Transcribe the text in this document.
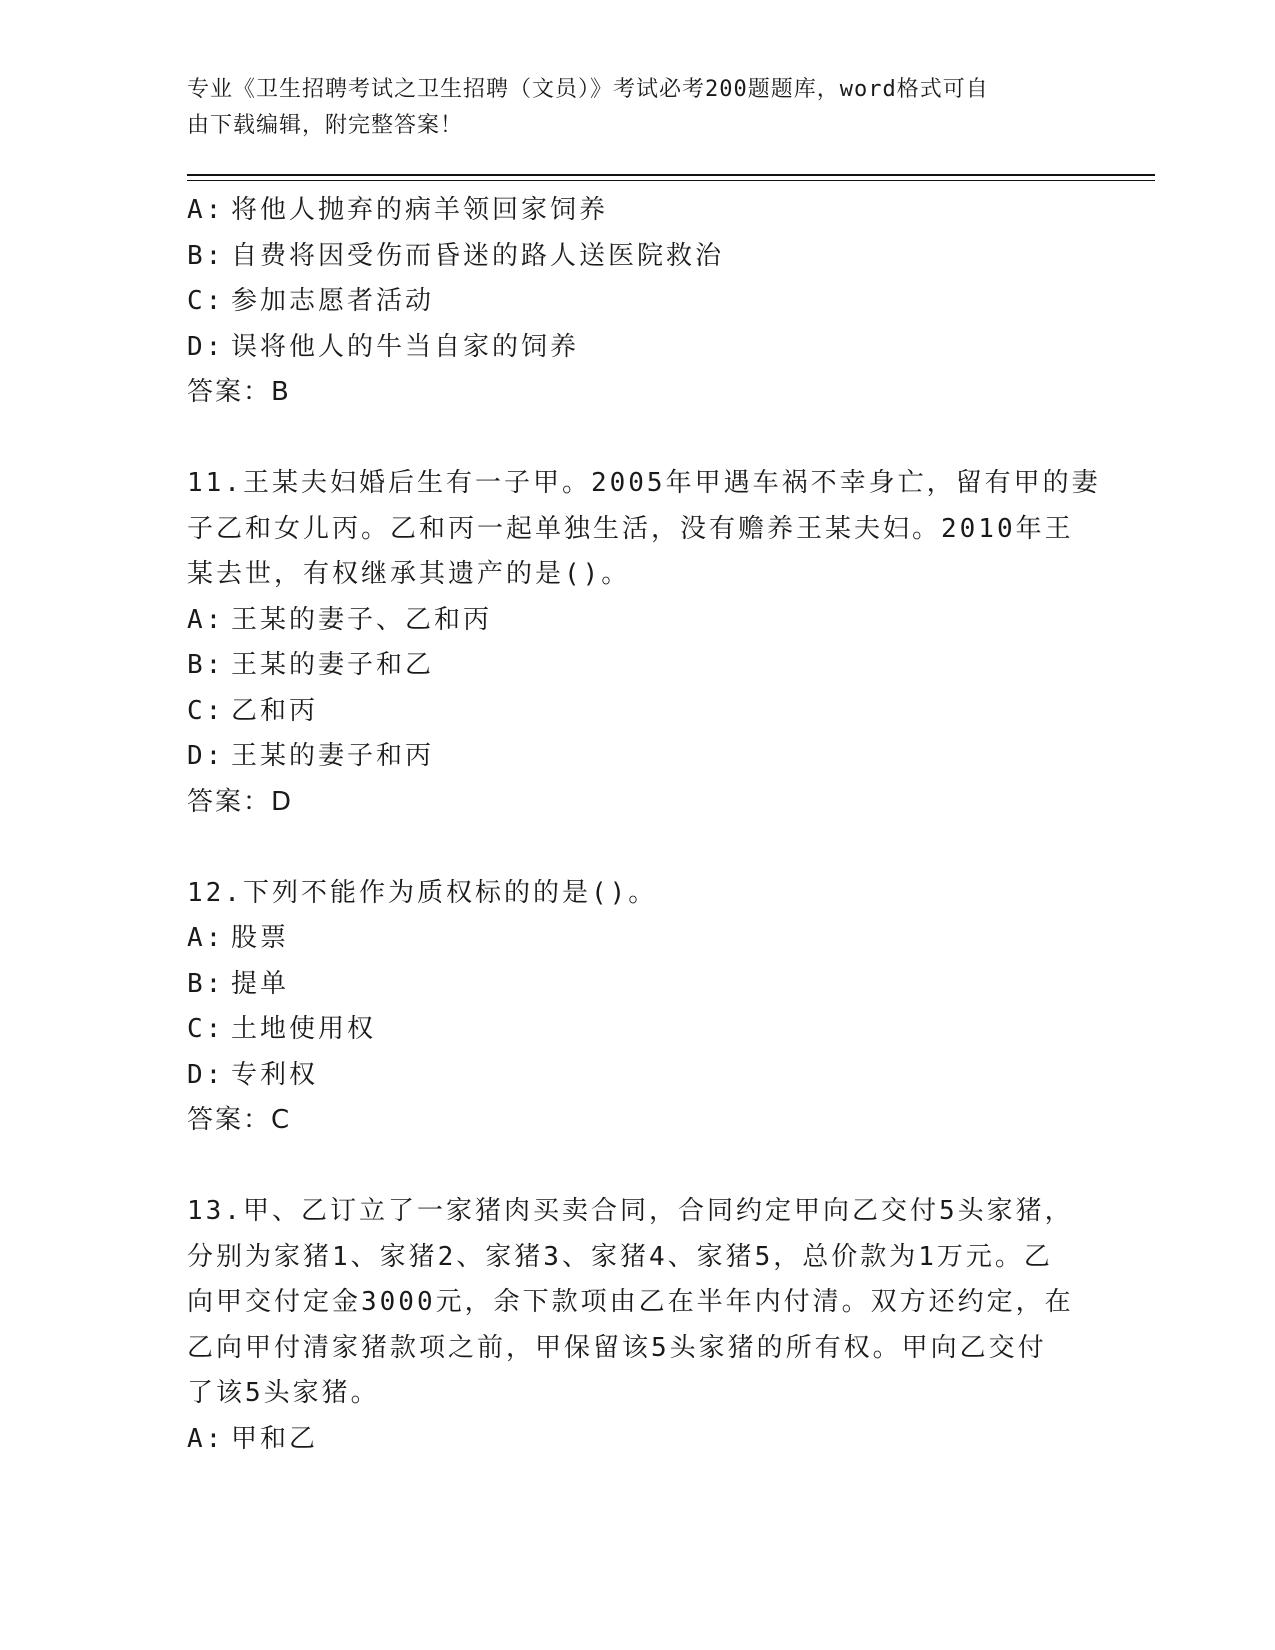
专业《卫生招聘考试之卫生招聘（文员）》考试必考200题题库，word格式可自
由下载编辑，附完整答案！
A: 将他人抛弃的病羊领回家饲养
B: 自费将因受伤而昏迷的路人送医院救治
C: 参加志愿者活动
D: 误将他人的牛当自家的饲养
答案：B
11.王某夫妇婚后生有一子甲。2005年甲遇车祸不幸身亡，留有甲的妻
子乙和女儿丙。乙和丙一起单独生活，没有赡养王某夫妇。2010年王
某去世，有权继承其遗产的是()。
A: 王某的妻子、乙和丙
B: 王某的妻子和乙
C: 乙和丙
D: 王某的妻子和丙
答案：D
12.下列不能作为质权标的的是()。
A: 股票
B: 提单
C: 土地使用权
D: 专利权
答案：C
13.甲、乙订立了一家猪肉买卖合同，合同约定甲向乙交付5头家猪，
分别为家猪1、家猪2、家猪3、家猪4、家猪5，总价款为1万元。乙
向甲交付定金3000元，余下款项由乙在半年内付清。双方还约定，在
乙向甲付清家猪款项之前，甲保留该5头家猪的所有权。甲向乙交付
了该5头家猪。
A: 甲和乙
